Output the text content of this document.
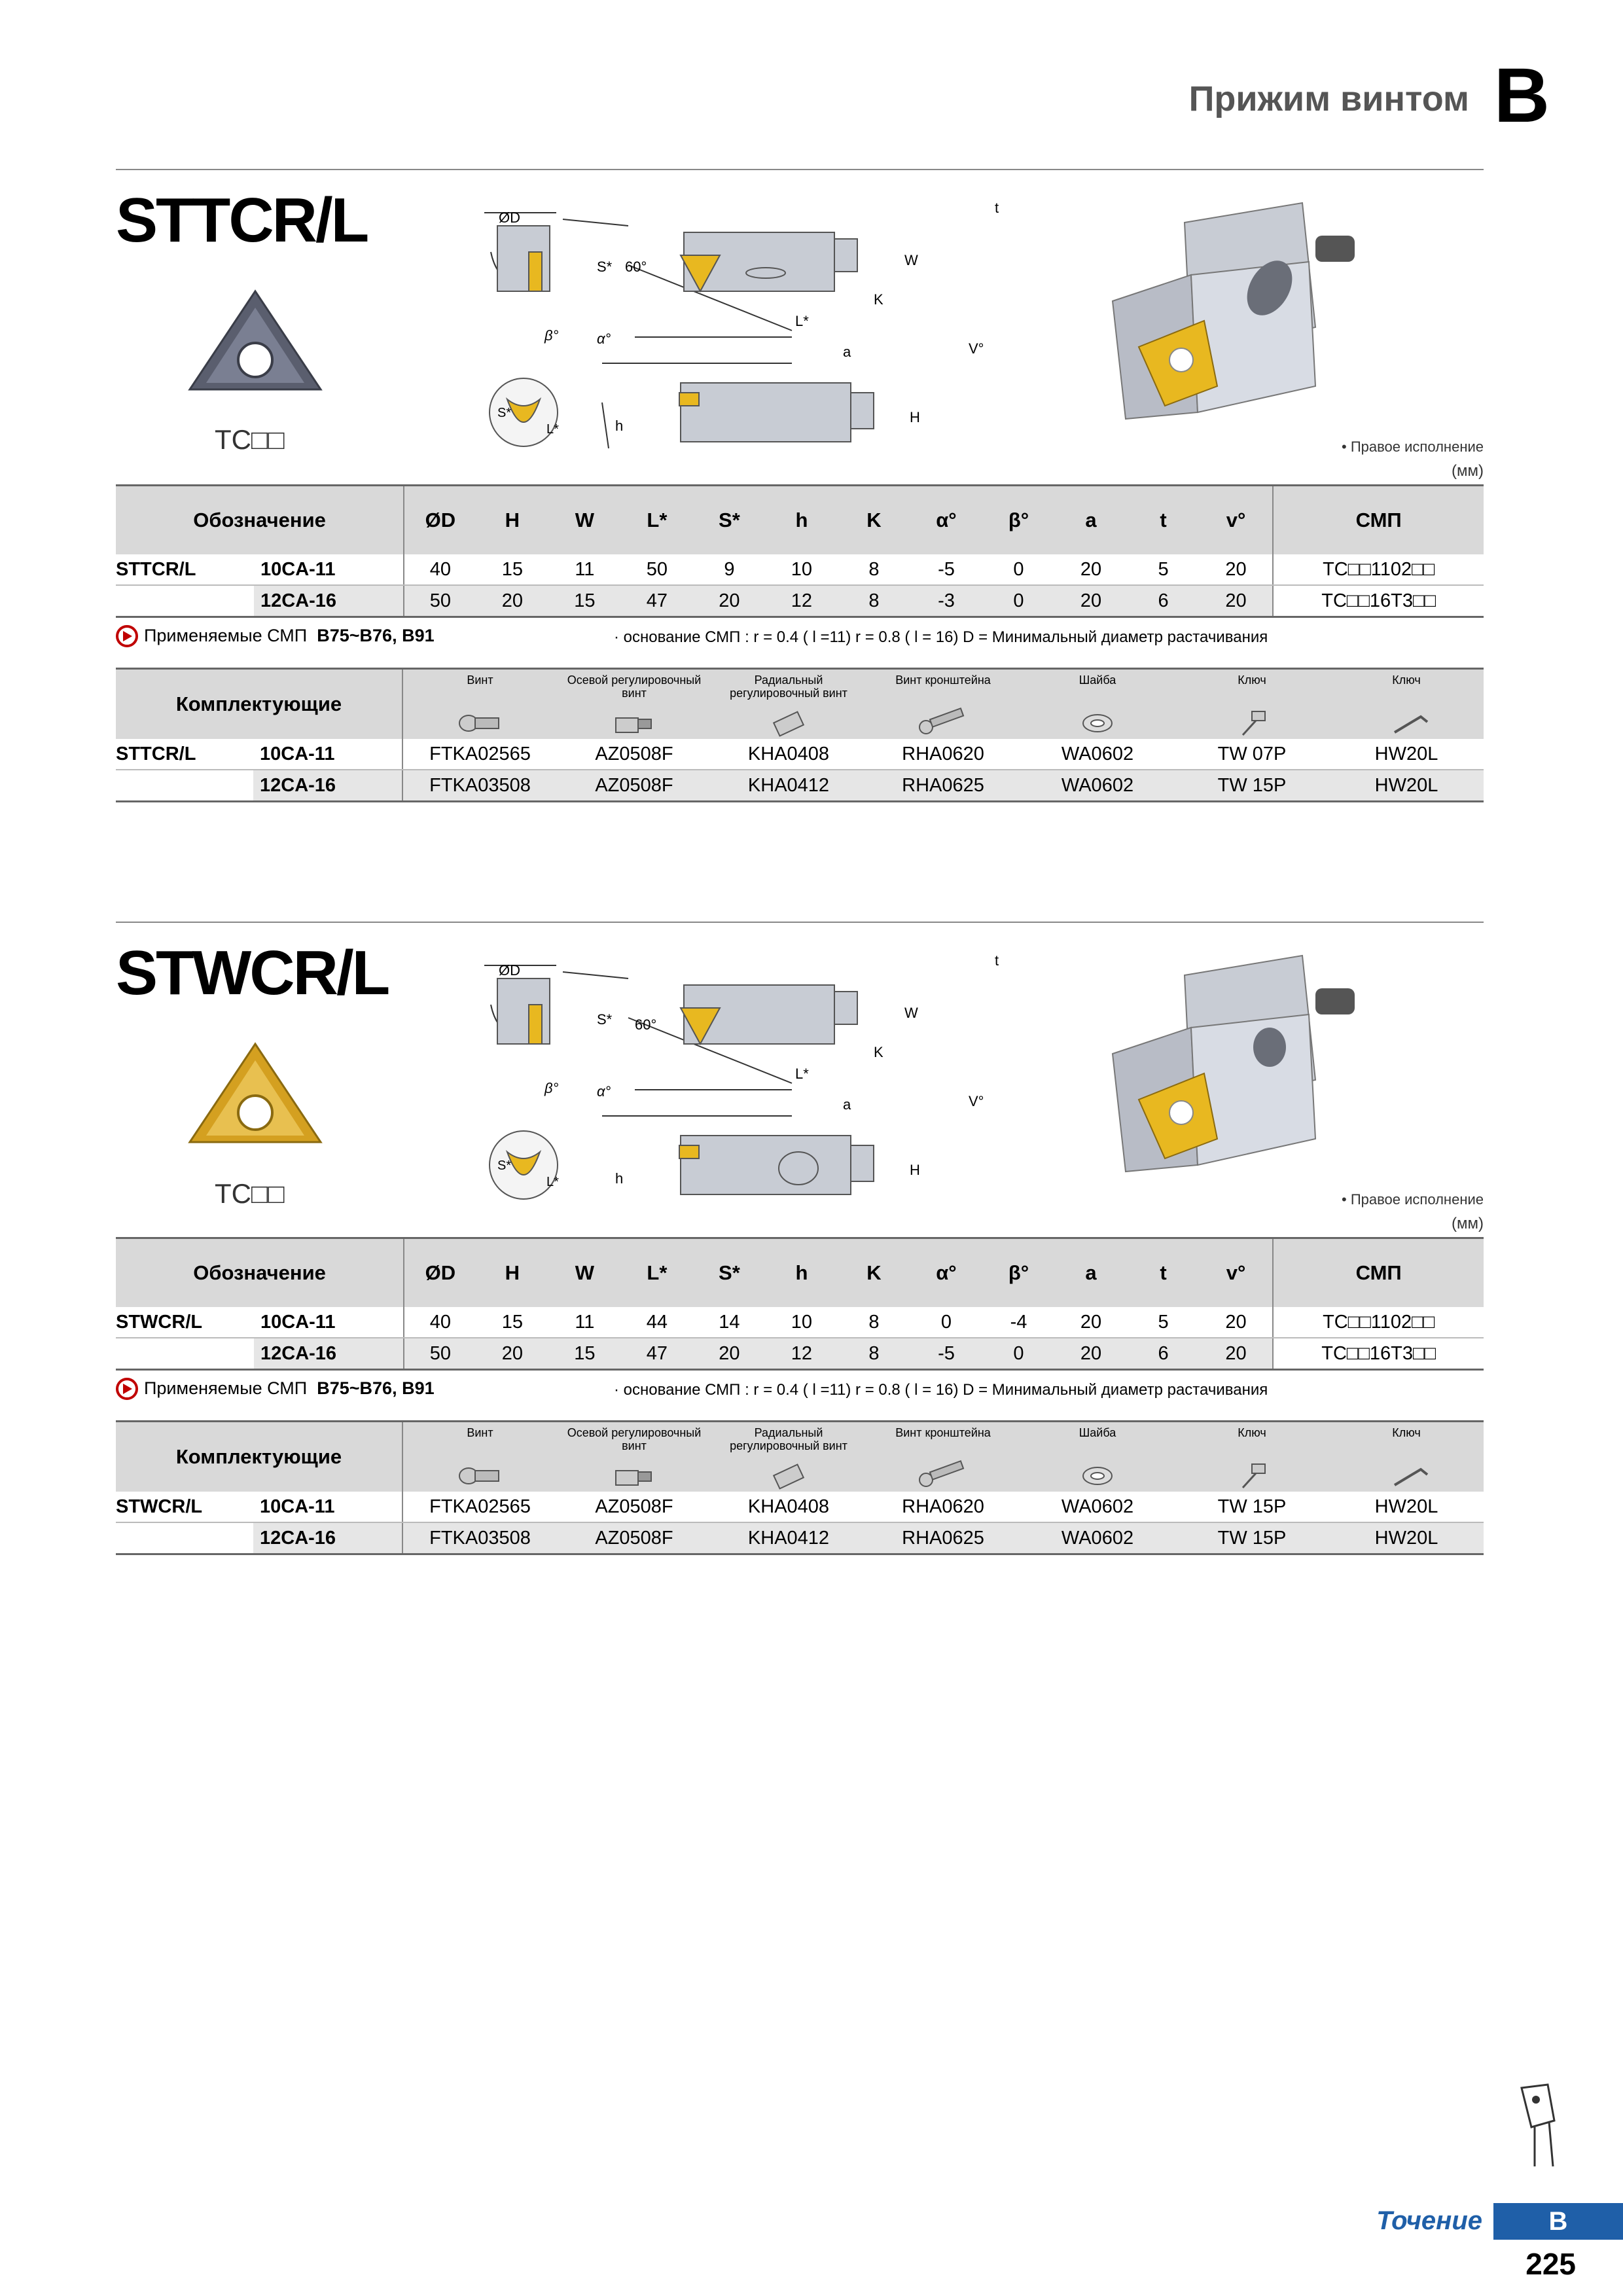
Прижим винтом B
STTCR/L
TC□□
ØD
S* 60°	W
K
L*
a
t
V°
β°	α°
h
H
S*
L*
• Правое исполнение
(мм)
Обозначение		ØD	H	W	L*	S*	h	K	α°	β°	a	t	v°	СМП
STTCR/L	10CA-11	40	15	11	50	9	10	8	-5	0	20	5	20	TC□□1102□□
	12CA-16	50	20	15	47	20	12	8	-3	0	20	6	20	TC□□16T3□□
Применяемые СМП B75~B76, B91	· основание СМП : r = 0.4 ( l =11) r = 0.8 ( l = 16) D = Минимальный диаметр растачивания
Комплектующие		Винт	Осевой регулировочный винт	Радиальный регулировочный винт	Винт кронштейна	Шайба	Ключ	Ключ

STTCR/L	10CA-11	FTKA02565	AZ0508F	KHA0408	RHA0620	WA0602	TW 07P	HW20L
	12CA-16	FTKA03508	AZ0508F	KHA0412	RHA0625	WA0602	TW 15P	HW20L
STWCR/L
TC□□
ØD
S* 60°
W
K
L*
a
t
V°
β°	α°
h
H
S*
L*
• Правое исполнение
(мм)
Обозначение		ØD	H	W	L*	S*	h	K	α°	β°	a	t	v°	СМП
STWCR/L	10CA-11	40	15	11	44	14	10	8	0	-4	20	5	20	TC□□1102□□
	12CA-16	50	20	15	47	20	12	8	-5	0	20	6	20	TC□□16T3□□
Применяемые СМП B75~B76, B91	· основание СМП : r = 0.4 ( l =11) r = 0.8 ( l = 16) D = Минимальный диаметр растачивания
Комплектующие		Винт	Осевой регулировочный винт	Радиальный регулировочный винт	Винт кронштейна	Шайба	Ключ	Ключ

STWCR/L	10CA-11	FTKA02565	AZ0508F	KHA0408	RHA0620	WA0602	TW 15P	HW20L
	12CA-16	FTKA03508	AZ0508F	KHA0412	RHA0625	WA0602	TW 15P	HW20L
Точение	B
225
